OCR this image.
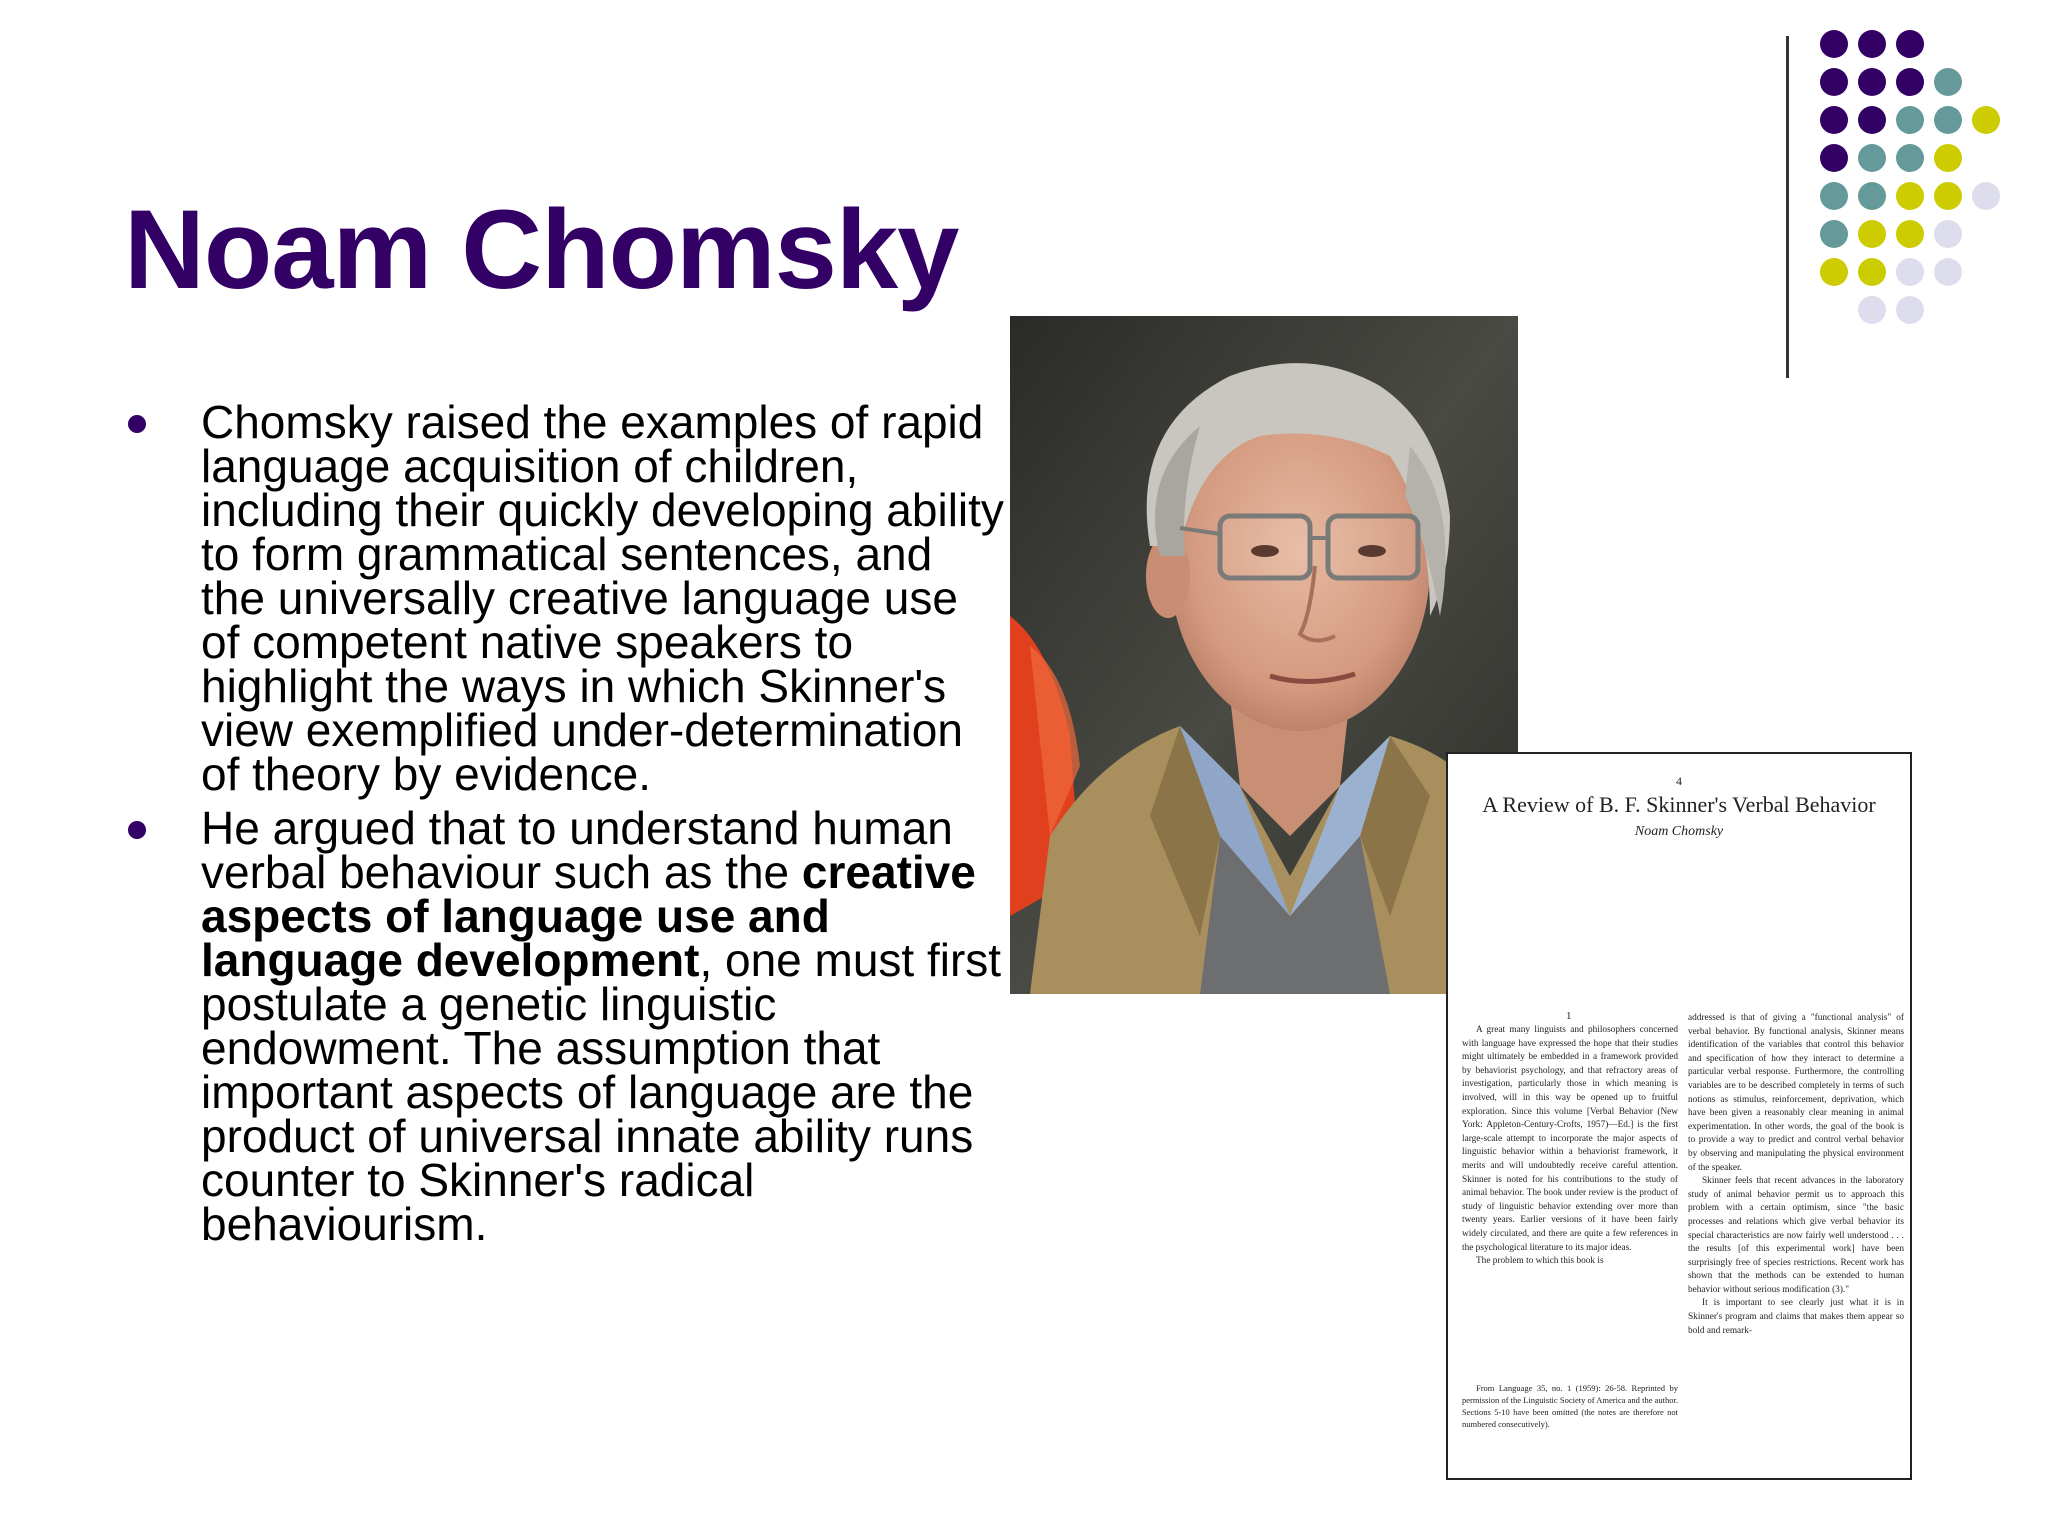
Noam Chomsky
Chomsky raised the examples of rapid language acquisition of children, including their quickly developing ability to form grammatical sentences, and the universally creative language use of competent native speakers to highlight the ways in which Skinner's view exemplified under-determination of theory by evidence.
He argued that to understand human verbal behaviour such as the creative aspects of language use and language development, one must first postulate a genetic linguistic endowment. The assumption that important aspects of language are the product of universal innate ability runs counter to Skinner's radical behaviourism.
4
A Review of B. F. Skinner's Verbal Behavior
Noam Chomsky
1

A great many linguists and philosophers concerned with language have expressed the hope that their studies might ultimately be embedded in a framework provided by behaviorist psychology, and that refractory areas of investigation, particularly those in which meaning is involved, will in this way be opened up to fruitful exploration. Since this volume [Verbal Behavior (New York: Appleton-Century-Crofts, 1957)—Ed.] is the first large-scale attempt to incorporate the major aspects of linguistic behavior within a behaviorist framework, it merits and will undoubtedly receive careful attention. Skinner is noted for his contributions to the study of animal behavior. The book under review is the product of study of linguistic behavior extending over more than twenty years. Earlier versions of it have been fairly widely circulated, and there are quite a few references in the psychological literature to its major ideas.

The problem to which this book is

addressed is that of giving a "functional analysis" of verbal behavior. By functional analysis, Skinner means identification of the variables that control this behavior and specification of how they interact to determine a particular verbal response. Furthermore, the controlling variables are to be described completely in terms of such notions as stimulus, reinforcement, deprivation, which have been given a reasonably clear meaning in animal experimentation. In other words, the goal of the book is to provide a way to predict and control verbal behavior by observing and manipulating the physical environment of the speaker.

Skinner feels that recent advances in the laboratory study of animal behavior permit us to approach this problem with a certain optimism, since "the basic processes and relations which give verbal behavior its special characteristics are now fairly well understood . . . the results [of this experimental work] have been surprisingly free of species restrictions. Recent work has shown that the methods can be extended to human behavior without serious modification (3)."

It is important to see clearly just what it is in Skinner's program and claims that makes them appear so bold and remark-

From Language 35, no. 1 (1959): 26-58. Reprinted by permission of the Linguistic Society of America and the author. Sections 5-10 have been omitted (the notes are therefore not numbered consecutively).
